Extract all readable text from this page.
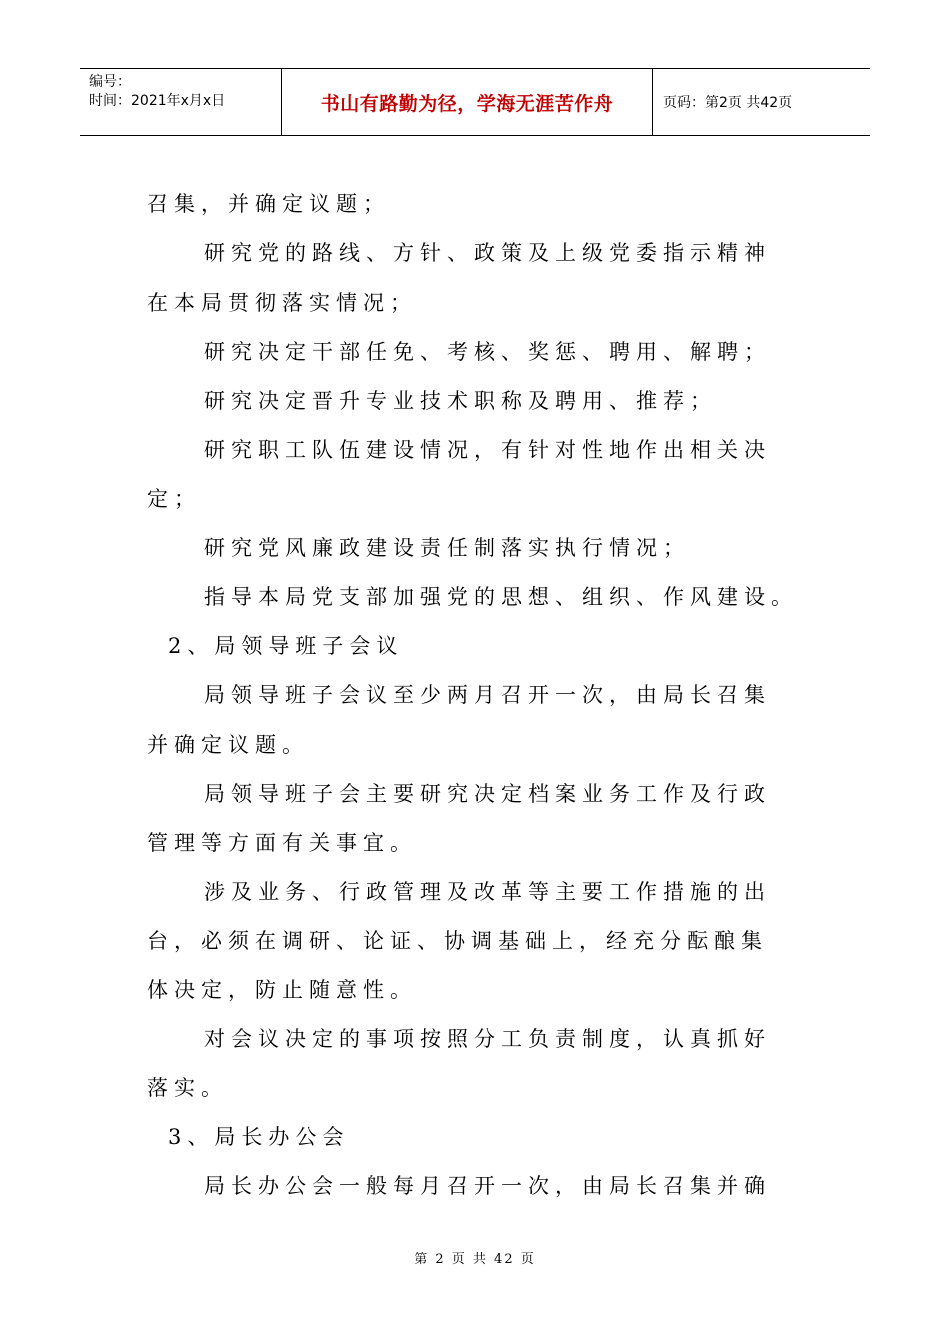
编号：
时间：2021年x月x日	书山有路勤为径，学海无涯苦作舟	页码：第2页 共42页
召集，并确定议题；
研究党的路线、方针、政策及上级党委指示精神
在本局贯彻落实情况；
研究决定干部任免、考核、奖惩、聘用、解聘；
研究决定晋升专业技术职称及聘用、推荐；
研究职工队伍建设情况，有针对性地作出相关决
定；
研究党风廉政建设责任制落实执行情况；
指导本局党支部加强党的思想、组织、作风建设。
2、局领导班子会议
局领导班子会议至少两月召开一次，由局长召集
并确定议题。
局领导班子会主要研究决定档案业务工作及行政
管理等方面有关事宜。
涉及业务、行政管理及改革等主要工作措施的出
台，必须在调研、论证、协调基础上，经充分酝酿集
体决定，防止随意性。
对会议决定的事项按照分工负责制度，认真抓好
落实。
3、局长办公会
局长办公会一般每月召开一次，由局长召集并确
第 2 页 共 42 页
